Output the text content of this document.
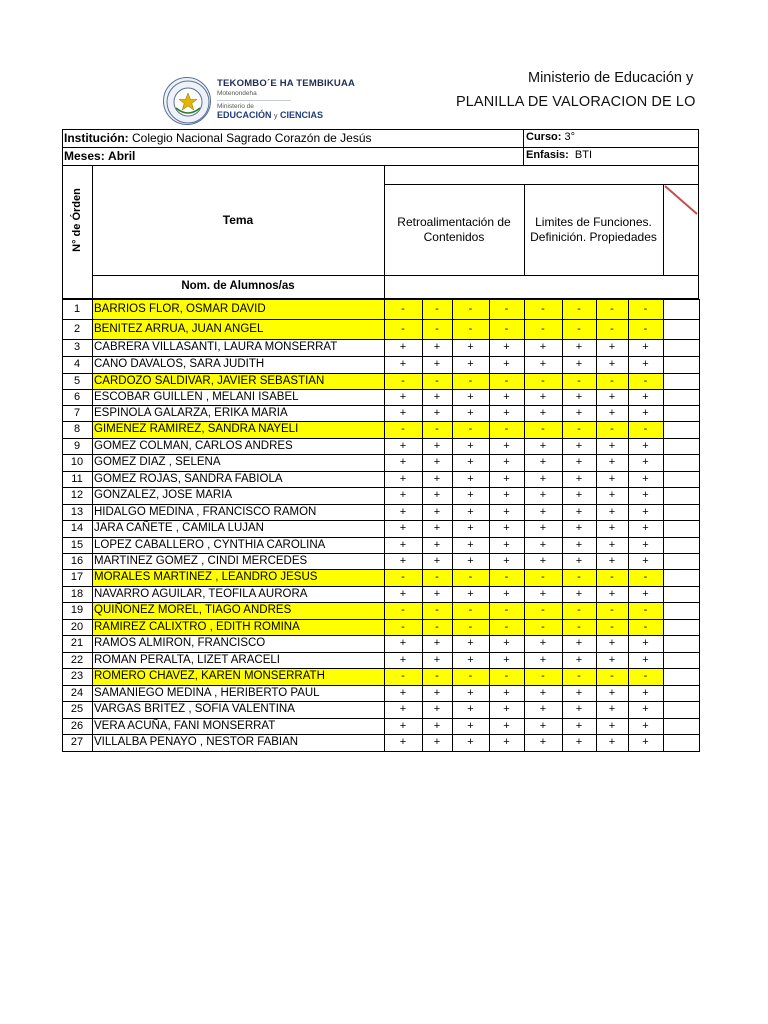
TEKOMBO´E HA TEMBIKUAA
Motenondeha
Ministerio de
EDUCACIÓN y CIENCIAS
Ministerio de Educación y
PLANILLA DE VALORACION DE LO
Institución: Colegio Nacional Sagrado Corazón de Jesús
Meses: Abril
Curso: 3°
Enfasis: BTI
N° de Órden	Tema
Nom. de Alumnos/as
Retroalimentación de
Contenidos
Limites de Funciones.
Definición. Propiedades
1	BARRIOS FLOR, OSMAR DAVID	-	-	-	-	-	-	-	-
2	BENITEZ ARRUA, JUAN ANGEL	-	-	-	-	-	-	-	-
3	CABRERA VILLASANTI, LAURA MONSERRAT	+	+	+	+	+	+	+	+
4	CANO DAVALOS, SARA JUDITH	+	+	+	+	+	+	+	+
5	CARDOZO SALDIVAR, JAVIER SEBASTIAN	-	-	-	-	-	-	-	-
6	ESCOBAR GUILLEN , MELANI ISABEL	+	+	+	+	+	+	+	+
7	ESPINOLA GALARZA, ERIKA MARIA	+	+	+	+	+	+	+	+
8	GIMENEZ RAMIREZ, SANDRA NAYELI	-	-	-	-	-	-	-	-
9	GOMEZ COLMAN, CARLOS ANDRES	+	+	+	+	+	+	+	+
10 GOMEZ DIAZ , SELENA	+	+	+	+	+	+	+	+
11 GOMEZ ROJAS, SANDRA FABIOLA	+	+	+	+	+	+	+	+
12 GONZALEZ, JOSE MARIA	+	+	+	+	+	+	+	+
13 HIDALGO MEDINA , FRANCISCO RAMON	+	+	+	+	+	+	+	+
14 JARA CAÑETE , CAMILA LUJAN	+	+	+	+	+	+	+	+
15 LOPEZ CABALLERO , CYNTHIA CAROLINA	+	+	+	+	+	+	+	+
16 MARTINEZ GOMEZ , CINDI MERCEDES	+	+	+	+	+	+	+	+
17 MORALES MARTINEZ , LEANDRO JESUS	-	-	-	-	-	-	-	-
18 NAVARRO AGUILAR, TEOFILA AURORA	+	+	+	+	+	+	+	+
19 QUIÑONEZ MOREL, TIAGO ANDRES	-	-	-	-	-	-	-	-
20 RAMIREZ CALIXTRO , EDITH ROMINA	-	-	-	-	-	-	-	-
21 RAMOS ALMIRON, FRANCISCO	+	+	+	+	+	+	+	+
22 ROMAN PERALTA, LIZET ARACELI	+	+	+	+	+	+	+	+
23 ROMERO CHAVEZ, KAREN MONSERRATH	-	-	-	-	-	-	-	-
24 SAMANIEGO MEDINA , HERIBERTO PAUL	+	+	+	+	+	+	+	+
25 VARGAS BRITEZ , SOFIA VALENTINA	+	+	+	+	+	+	+	+
26 VERA ACUÑA, FANI MONSERRAT	+	+	+	+	+	+	+	+
27 VILLALBA PENAYO , NESTOR FABIAN	+	+	+	+	+	+	+	+
